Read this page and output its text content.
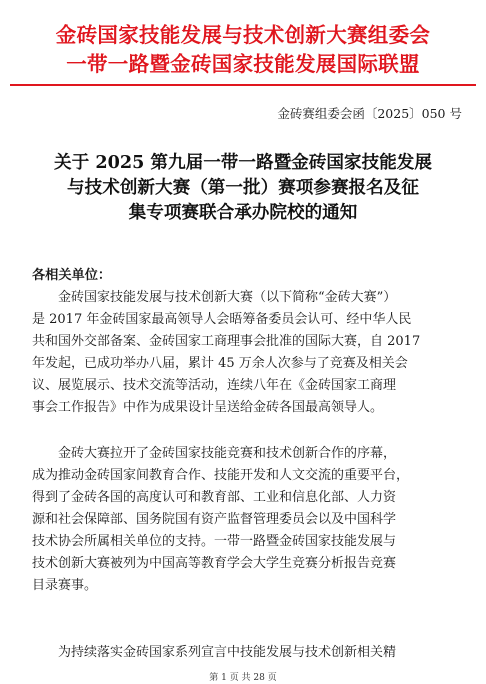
金砖国家技能发展与技术创新大赛组委会
一带一路暨金砖国家技能发展国际联盟
金砖赛组委会函〔2025〕050 号
关于 2025 第九届一带一路暨金砖国家技能发展
与技术创新大赛（第一批）赛项参赛报名及征
集专项赛联合承办院校的通知
各相关单位：
金砖国家技能发展与技术创新大赛（以下简称“金砖大赛”）
是 2017 年金砖国家最高领导人会晤筹备委员会认可、经中华人民
共和国外交部备案、金砖国家工商理事会批准的国际大赛，自 2017
年发起，已成功举办八届，累计 45 万余人次参与了竞赛及相关会
议、展览展示、技术交流等活动，连续八年在《金砖国家工商理
事会工作报告》中作为成果设计呈送给金砖各国最高领导人。
金砖大赛拉开了金砖国家技能竞赛和技术创新合作的序幕，
成为推动金砖国家间教育合作、技能开发和人文交流的重要平台，
得到了金砖各国的高度认可和教育部、工业和信息化部、人力资
源和社会保障部、国务院国有资产监督管理委员会以及中国科学
技术协会所属相关单位的支持。一带一路暨金砖国家技能发展与
技术创新大赛被列为中国高等教育学会大学生竞赛分析报告竞赛
目录赛事。
为持续落实金砖国家系列宣言中技能发展与技术创新相关精
第 1 页 共 28 页
